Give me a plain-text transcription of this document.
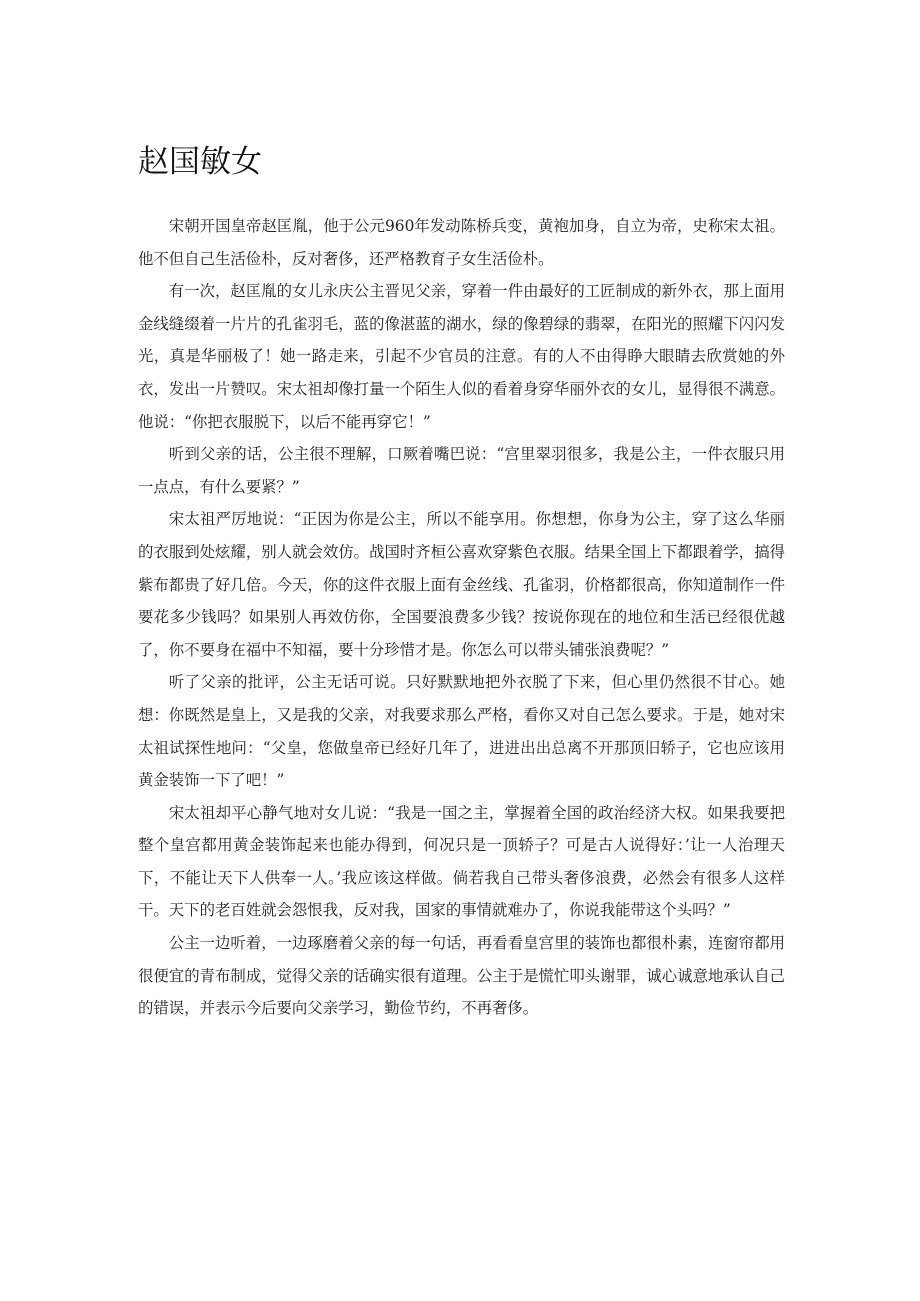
赵国敏女

宋朝开国皇帝赵匡胤，他于公元960年发动陈桥兵变，黄袍加身，自立为帝，史称宋太祖。他不但自己生活俭朴，反对奢侈，还严格教育子女生活俭朴。

有一次，赵匡胤的女儿永庆公主晋见父亲，穿着一件由最好的工匠制成的新外衣，那上面用金线缝缀着一片片的孔雀羽毛，蓝的像湛蓝的湖水，绿的像碧绿的翡翠，在阳光的照耀下闪闪发光，真是华丽极了！她一路走来，引起不少官员的注意。有的人不由得睁大眼睛去欣赏她的外衣，发出一片赞叹。宋太祖却像打量一个陌生人似的看着身穿华丽外衣的女儿，显得很不满意。他说：“你把衣服脱下，以后不能再穿它！”

听到父亲的话，公主很不理解，口厥着嘴巴说：“宫里翠羽很多，我是公主，一件衣服只用一点点，有什么要紧？”

宋太祖严厉地说：“正因为你是公主，所以不能享用。你想想，你身为公主，穿了这么华丽的衣服到处炫耀，别人就会效仿。战国时齐桓公喜欢穿紫色衣服。结果全国上下都跟着学，搞得紫布都贵了好几倍。今天，你的这件衣服上面有金丝线、孔雀羽，价格都很高，你知道制作一件要花多少钱吗？如果别人再效仿你，全国要浪费多少钱？按说你现在的地位和生活已经很优越了，你不要身在福中不知福，要十分珍惜才是。你怎么可以带头铺张浪费呢？”

听了父亲的批评，公主无话可说。只好默默地把外衣脱了下来，但心里仍然很不甘心。她想：你既然是皇上，又是我的父亲，对我要求那么严格，看你又对自己怎么要求。于是，她对宋太祖试探性地问：“父皇，您做皇帝已经好几年了，进进出出总离不开那顶旧轿子，它也应该用黄金装饰一下了吧！”

宋太祖却平心静气地对女儿说：“我是一国之主，掌握着全国的政治经济大权。如果我要把整个皇宫都用黄金装饰起来也能办得到，何况只是一顶轿子？可是古人说得好：’让一人治理天下，不能让天下人供奉一人。’我应该这样做。倘若我自己带头奢侈浪费，必然会有很多人这样干。天下的老百姓就会怨恨我，反对我，国家的事情就难办了，你说我能带这个头吗？”

公主一边听着，一边琢磨着父亲的每一句话，再看看皇宫里的装饰也都很朴素，连窗帘都用很便宜的青布制成，觉得父亲的话确实很有道理。公主于是慌忙叩头谢罪，诚心诚意地承认自己的错误，并表示今后要向父亲学习，勤俭节约，不再奢侈。
